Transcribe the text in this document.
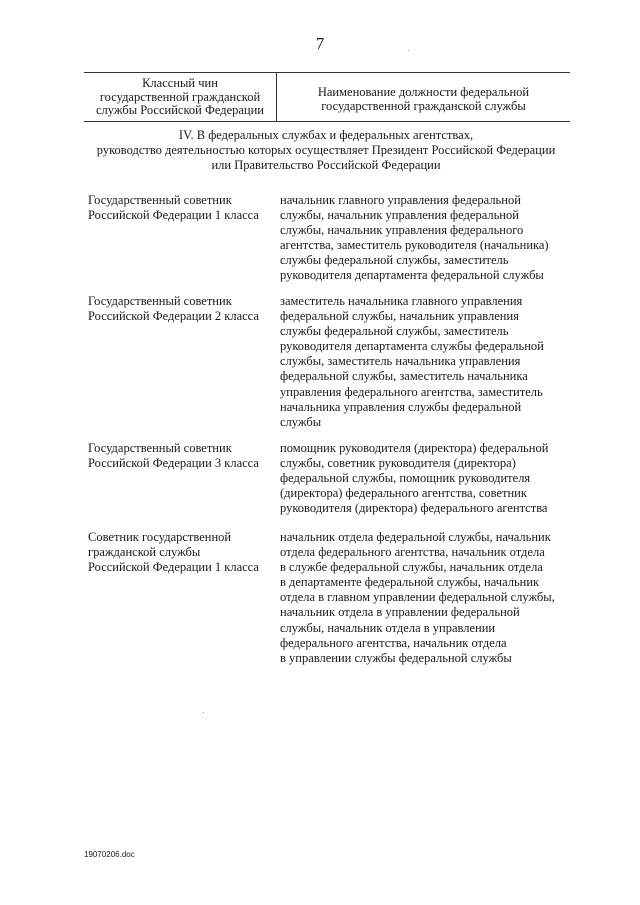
7
Классный чин
государственной гражданской
службы Российской Федерации
Наименование должности федеральной
государственной гражданской службы
IV. В федеральных службах и федеральных агентствах,
руководство деятельностью которых осуществляет Президент Российской Федерации
или Правительство Российской Федерации
Государственный советник
Российской Федерации 1 класса
начальник главного управления федеральной
службы, начальник управления федеральной
службы, начальник управления федерального
агентства, заместитель руководителя (начальника)
службы федеральной службы, заместитель
руководителя департамента федеральной службы
Государственный советник
Российской Федерации 2 класса
заместитель начальника главного управления
федеральной службы, начальник управления
службы федеральной службы, заместитель
руководителя департамента службы федеральной
службы, заместитель начальника управления
федеральной службы, заместитель начальника
управления федерального агентства, заместитель
начальника управления службы федеральной
службы
Государственный советник
Российской Федерации 3 класса
помощник руководителя (директора) федеральной
службы, советник руководителя (директора)
федеральной службы, помощник руководителя
(директора) федерального агентства, советник
руководителя (директора) федерального агентства
Советник государственной
гражданской службы
Российской Федерации 1 класса
начальник отдела федеральной службы, начальник
отдела федерального агентства, начальник отдела
в службе федеральной службы, начальник отдела
в департаменте федеральной службы, начальник
отдела в главном управлении федеральной службы,
начальник отдела в управлении федеральной
службы, начальник отдела в управлении
федерального агентства, начальник отдела
в управлении службы федеральной службы
19070206.doc
